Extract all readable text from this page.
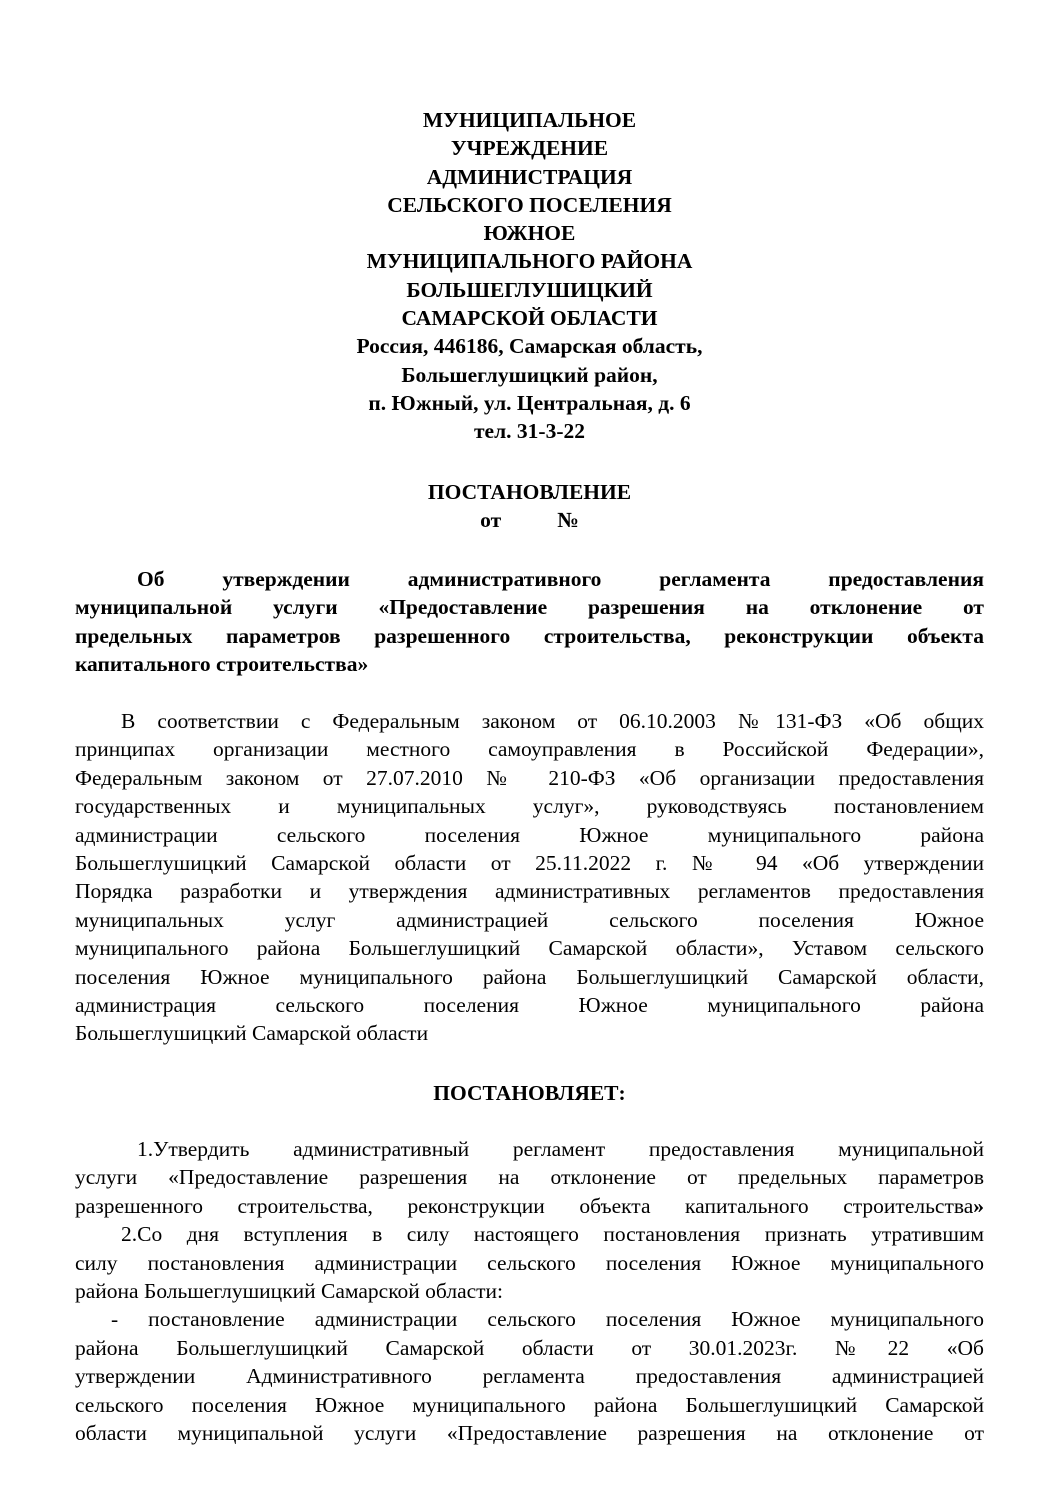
МУНИЦИПАЛЬНОЕ
УЧРЕЖДЕНИЕ
АДМИНИСТРАЦИЯ
СЕЛЬСКОГО ПОСЕЛЕНИЯ
ЮЖНОЕ
МУНИЦИПАЛЬНОГО РАЙОНА
БОЛЬШЕГЛУШИЦКИЙ
САМАРСКОЙ ОБЛАСТИ
Россия, 446186, Самарская область,
Большеглушицкий район,
п. Южный, ул. Центральная, д. 6
тел. 31-3-22
ПОСТАНОВЛЕНИЕ
от	№
Об утверждении административного регламента предоставления
муниципальной услуги «Предоставление разрешения на отклонение от
предельных параметров разрешенного строительства, реконструкции объекта
капитального строительства»
В соответствии с Федеральным законом от 06.10.2003 №131-ФЗ «Об общих
принципах организации местного самоуправления в Российской Федерации»,
Федеральным законом от 27.07.2010 № 210-ФЗ «Об организации предоставления
государственных и муниципальных услуг», руководствуясь постановлением
администрации сельского поселения Южное муниципального района
Большеглушицкий Самарской области от 25.11.2022 г. № 94 «Об утверждении
Порядка разработки и утверждения административных регламентов предоставления
муниципальных услуг администрацией сельского поселения Южное
муниципального района Большеглушицкий Самарской области», Уставом сельского
поселения Южное муниципального района Большеглушицкий Самарской области,
администрация сельского поселения Южное муниципального района
Большеглушицкий Самарской области
ПОСТАНОВЛЯЕТ:
1.Утвердить административный регламент предоставления муниципальной
услуги «Предоставление разрешения на отклонение от предельных параметров
разрешенного строительства, реконструкции объекта капитального строительства»
2.Со дня вступления в силу настоящего постановления признать утратившим
силу постановления администрации сельского поселения Южное муниципального
района Большеглушицкий Самарской области:
- постановление администрации сельского поселения Южное муниципального
района Большеглушицкий Самарской области от 30.01.2023г. №22 «Об
утверждении Административного регламента предоставления администрацией
сельского поселения Южное муниципального района Большеглушицкий Самарской
области муниципальной услуги «Предоставление разрешения на отклонение от
